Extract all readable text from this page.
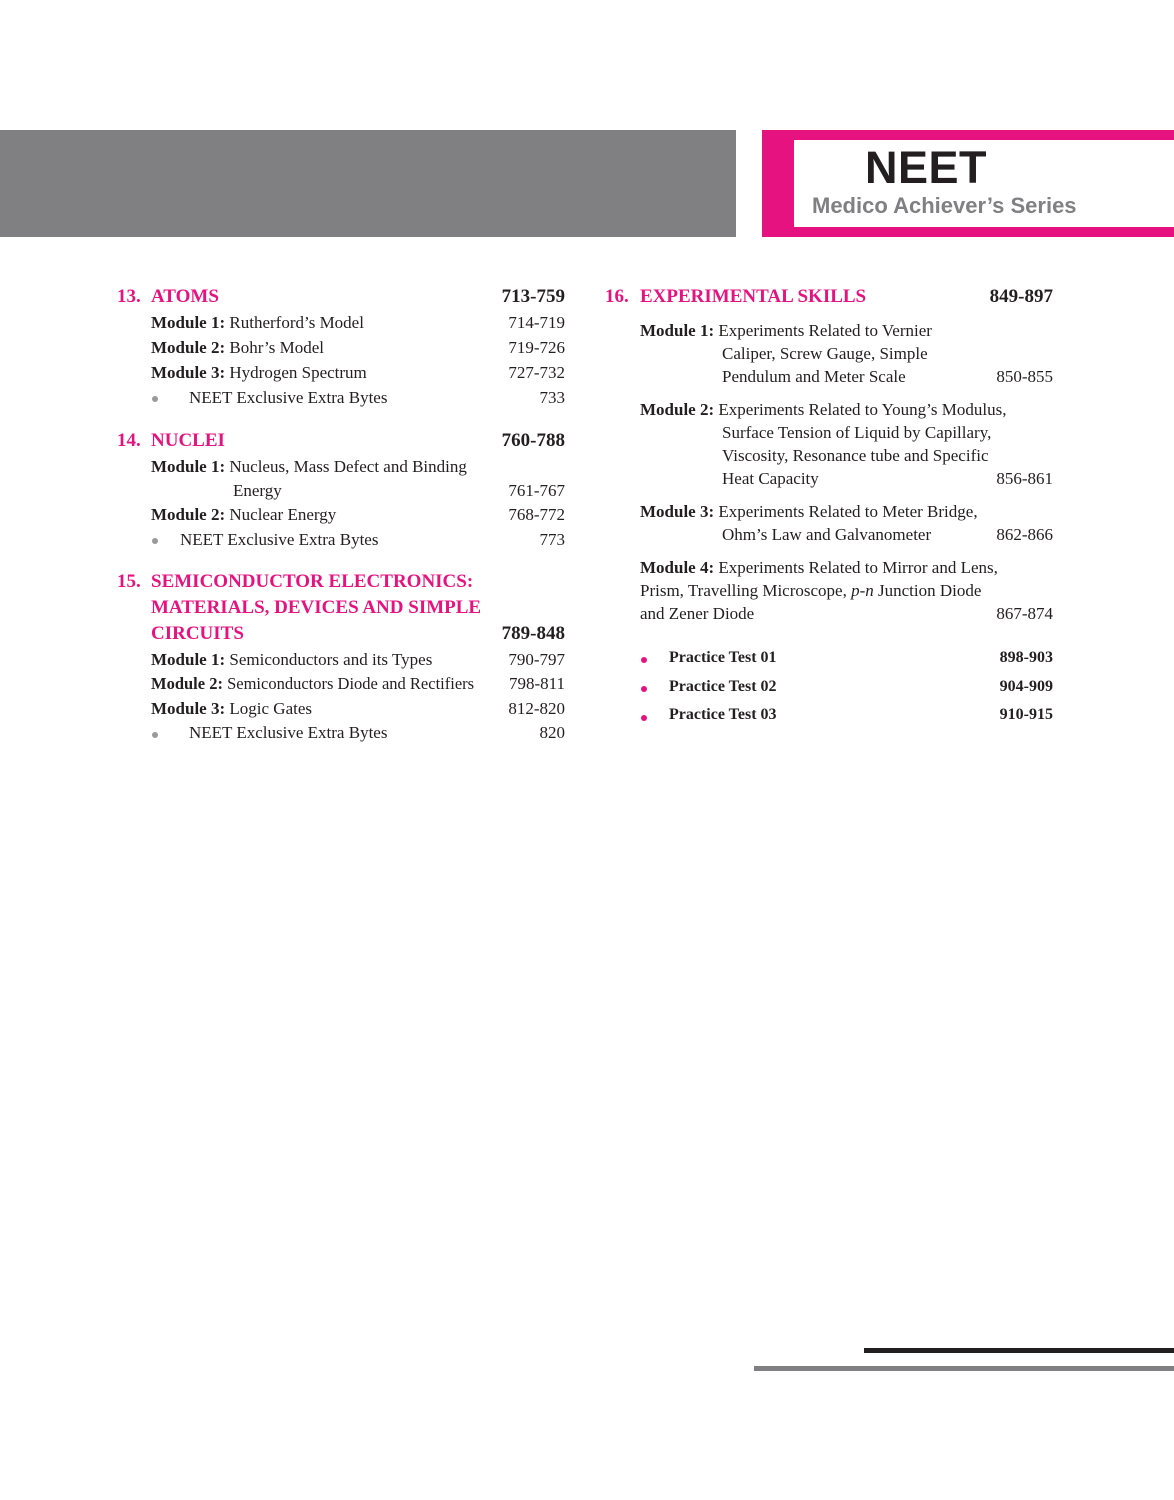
NEET
Medico Achiever’s Series
13. ATOMS	713-759
Module 1: Rutherford’s Model	714-719
Module 2: Bohr’s Model	719-726
Module 3: Hydrogen Spectrum	727-732
NEET Exclusive Extra Bytes	733
14. NUCLEI	760-788
Module 1: Nucleus, Mass Defect and Binding
Energy	761-767
Module 2: Nuclear Energy	768-772
NEET Exclusive Extra Bytes	773
15. SEMICONDUCTOR ELECTRONICS:
MATERIALS, DEVICES AND SIMPLE
CIRCUITS	789-848
Module 1: Semiconductors and its Types	790-797
Module 2: Semiconductors Diode and Rectifiers	798-811
Module 3: Logic Gates	812-820
NEET Exclusive Extra Bytes	820
16. EXPERIMENTAL SKILLS	849-897
Module 1: Experiments Related to Vernier
Caliper, Screw Gauge, Simple
Pendulum and Meter Scale	850-855
Module 2: Experiments Related to Young’s Modulus,
Surface Tension of Liquid by Capillary,
Viscosity, Resonance tube and Specific
Heat Capacity	856-861
Module 3: Experiments Related to Meter Bridge,
Ohm’s Law and Galvanometer	862-866
Module 4: Experiments Related to Mirror and Lens,
Prism, Travelling Microscope, p-n Junction Diode
and Zener Diode	867-874
Practice Test 01	898-903
Practice Test 02	904-909
Practice Test 03	910-915
